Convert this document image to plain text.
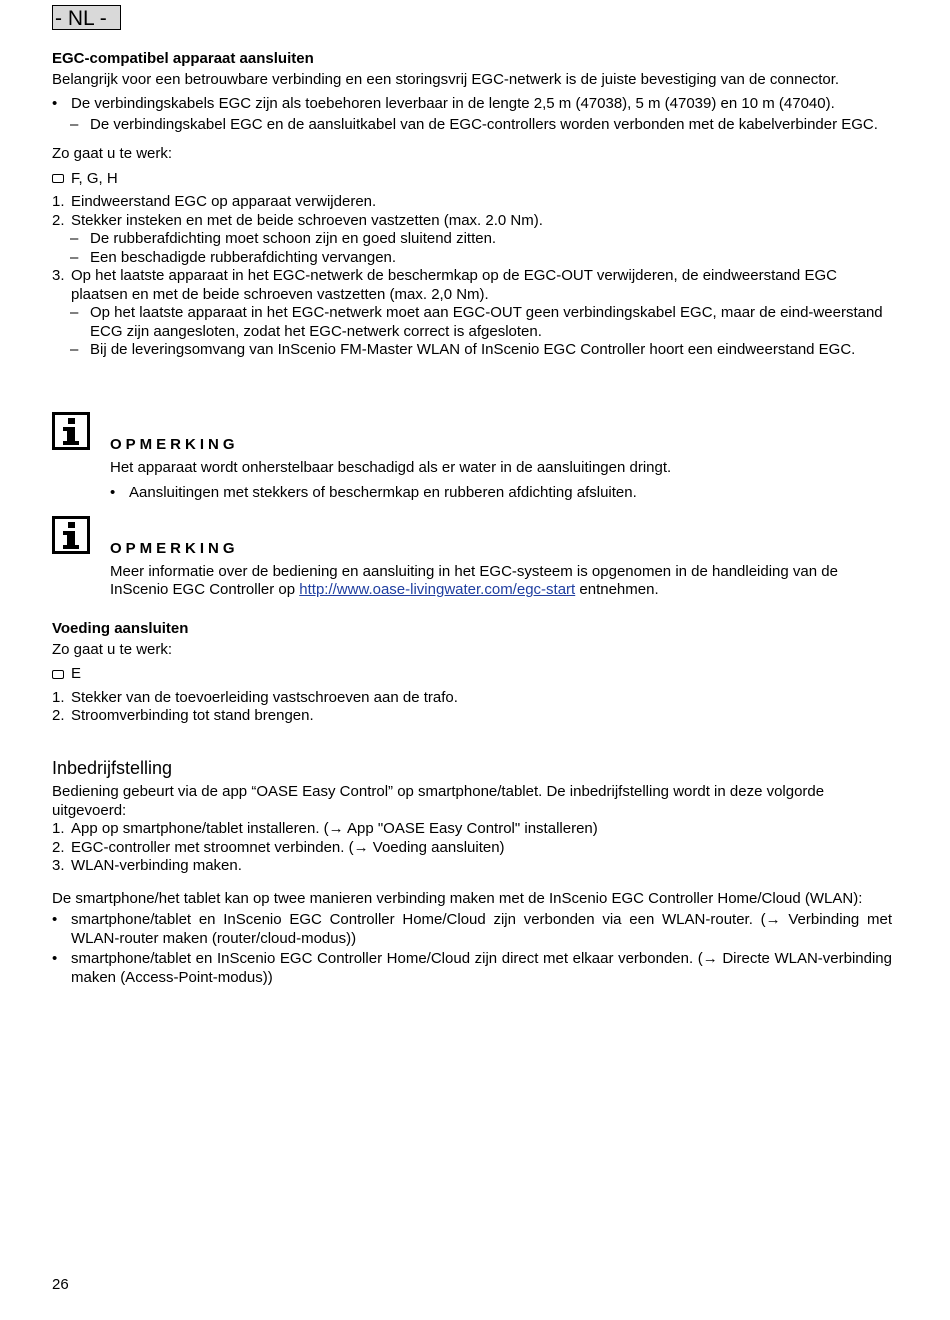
- NL -
EGC-compatibel apparaat aansluiten
Belangrijk voor een betrouwbare verbinding en een storingsvrij EGC-netwerk is de juiste bevestiging van de connector.
• De verbindingskabels EGC zijn als toebehoren leverbaar in de lengte 2,5 m (47038), 5 m (47039) en 10 m (47040).
– De verbindingskabel EGC en de aansluitkabel van de EGC-controllers worden verbonden met de kabelverbinder EGC.
Zo gaat u te werk:
F, G, H
1. Eindweerstand EGC op apparaat verwijderen.
2. Stekker insteken en met de beide schroeven vastzetten (max. 2.0 Nm).
– De rubberafdichting moet schoon zijn en goed sluitend zitten.
– Een beschadigde rubberafdichting vervangen.
3. Op het laatste apparaat in het EGC-netwerk de beschermkap op de EGC-OUT verwijderen, de eindweerstand EGC plaatsen en met de beide schroeven vastzetten (max. 2,0 Nm).
– Op het laatste apparaat in het EGC-netwerk moet aan EGC-OUT geen verbindingskabel EGC, maar de eind-weerstand ECG zijn aangesloten, zodat het EGC-netwerk correct is afgesloten.
– Bij de leveringsomvang van InScenio FM-Master WLAN of InScenio EGC Controller hoort een eindweerstand EGC.
OPMERKING
Het apparaat wordt onherstelbaar beschadigd als er water in de aansluitingen dringt.
• Aansluitingen met stekkers of beschermkap en rubberen afdichting afsluiten.
OPMERKING
Meer informatie over de bediening en aansluiting in het EGC-systeem is opgenomen in de handleiding van de InScenio EGC Controller op http://www.oase-livingwater.com/egc-start entnehmen.
Voeding aansluiten
Zo gaat u te werk:
E
1. Stekker van de toevoerleiding vastschroeven aan de trafo.
2. Stroomverbinding tot stand brengen.
Inbedrijfstelling
Bediening gebeurt via de app “OASE Easy Control” op smartphone/tablet. De inbedrijfstelling wordt in deze volgorde uitgevoerd:
1. App op smartphone/tablet installeren. (→ App "OASE Easy Control" installeren)
2. EGC-controller met stroomnet verbinden. (→ Voeding aansluiten)
3. WLAN-verbinding maken.
De smartphone/het tablet kan op twee manieren verbinding maken met de InScenio EGC Controller Home/Cloud (WLAN):
• smartphone/tablet en InScenio EGC Controller Home/Cloud zijn verbonden via een WLAN-router. (→ Verbinding met WLAN-router maken (router/cloud-modus))
• smartphone/tablet en InScenio EGC Controller Home/Cloud zijn direct met elkaar verbonden. (→ Directe WLAN-verbinding maken (Access-Point-modus))
26
